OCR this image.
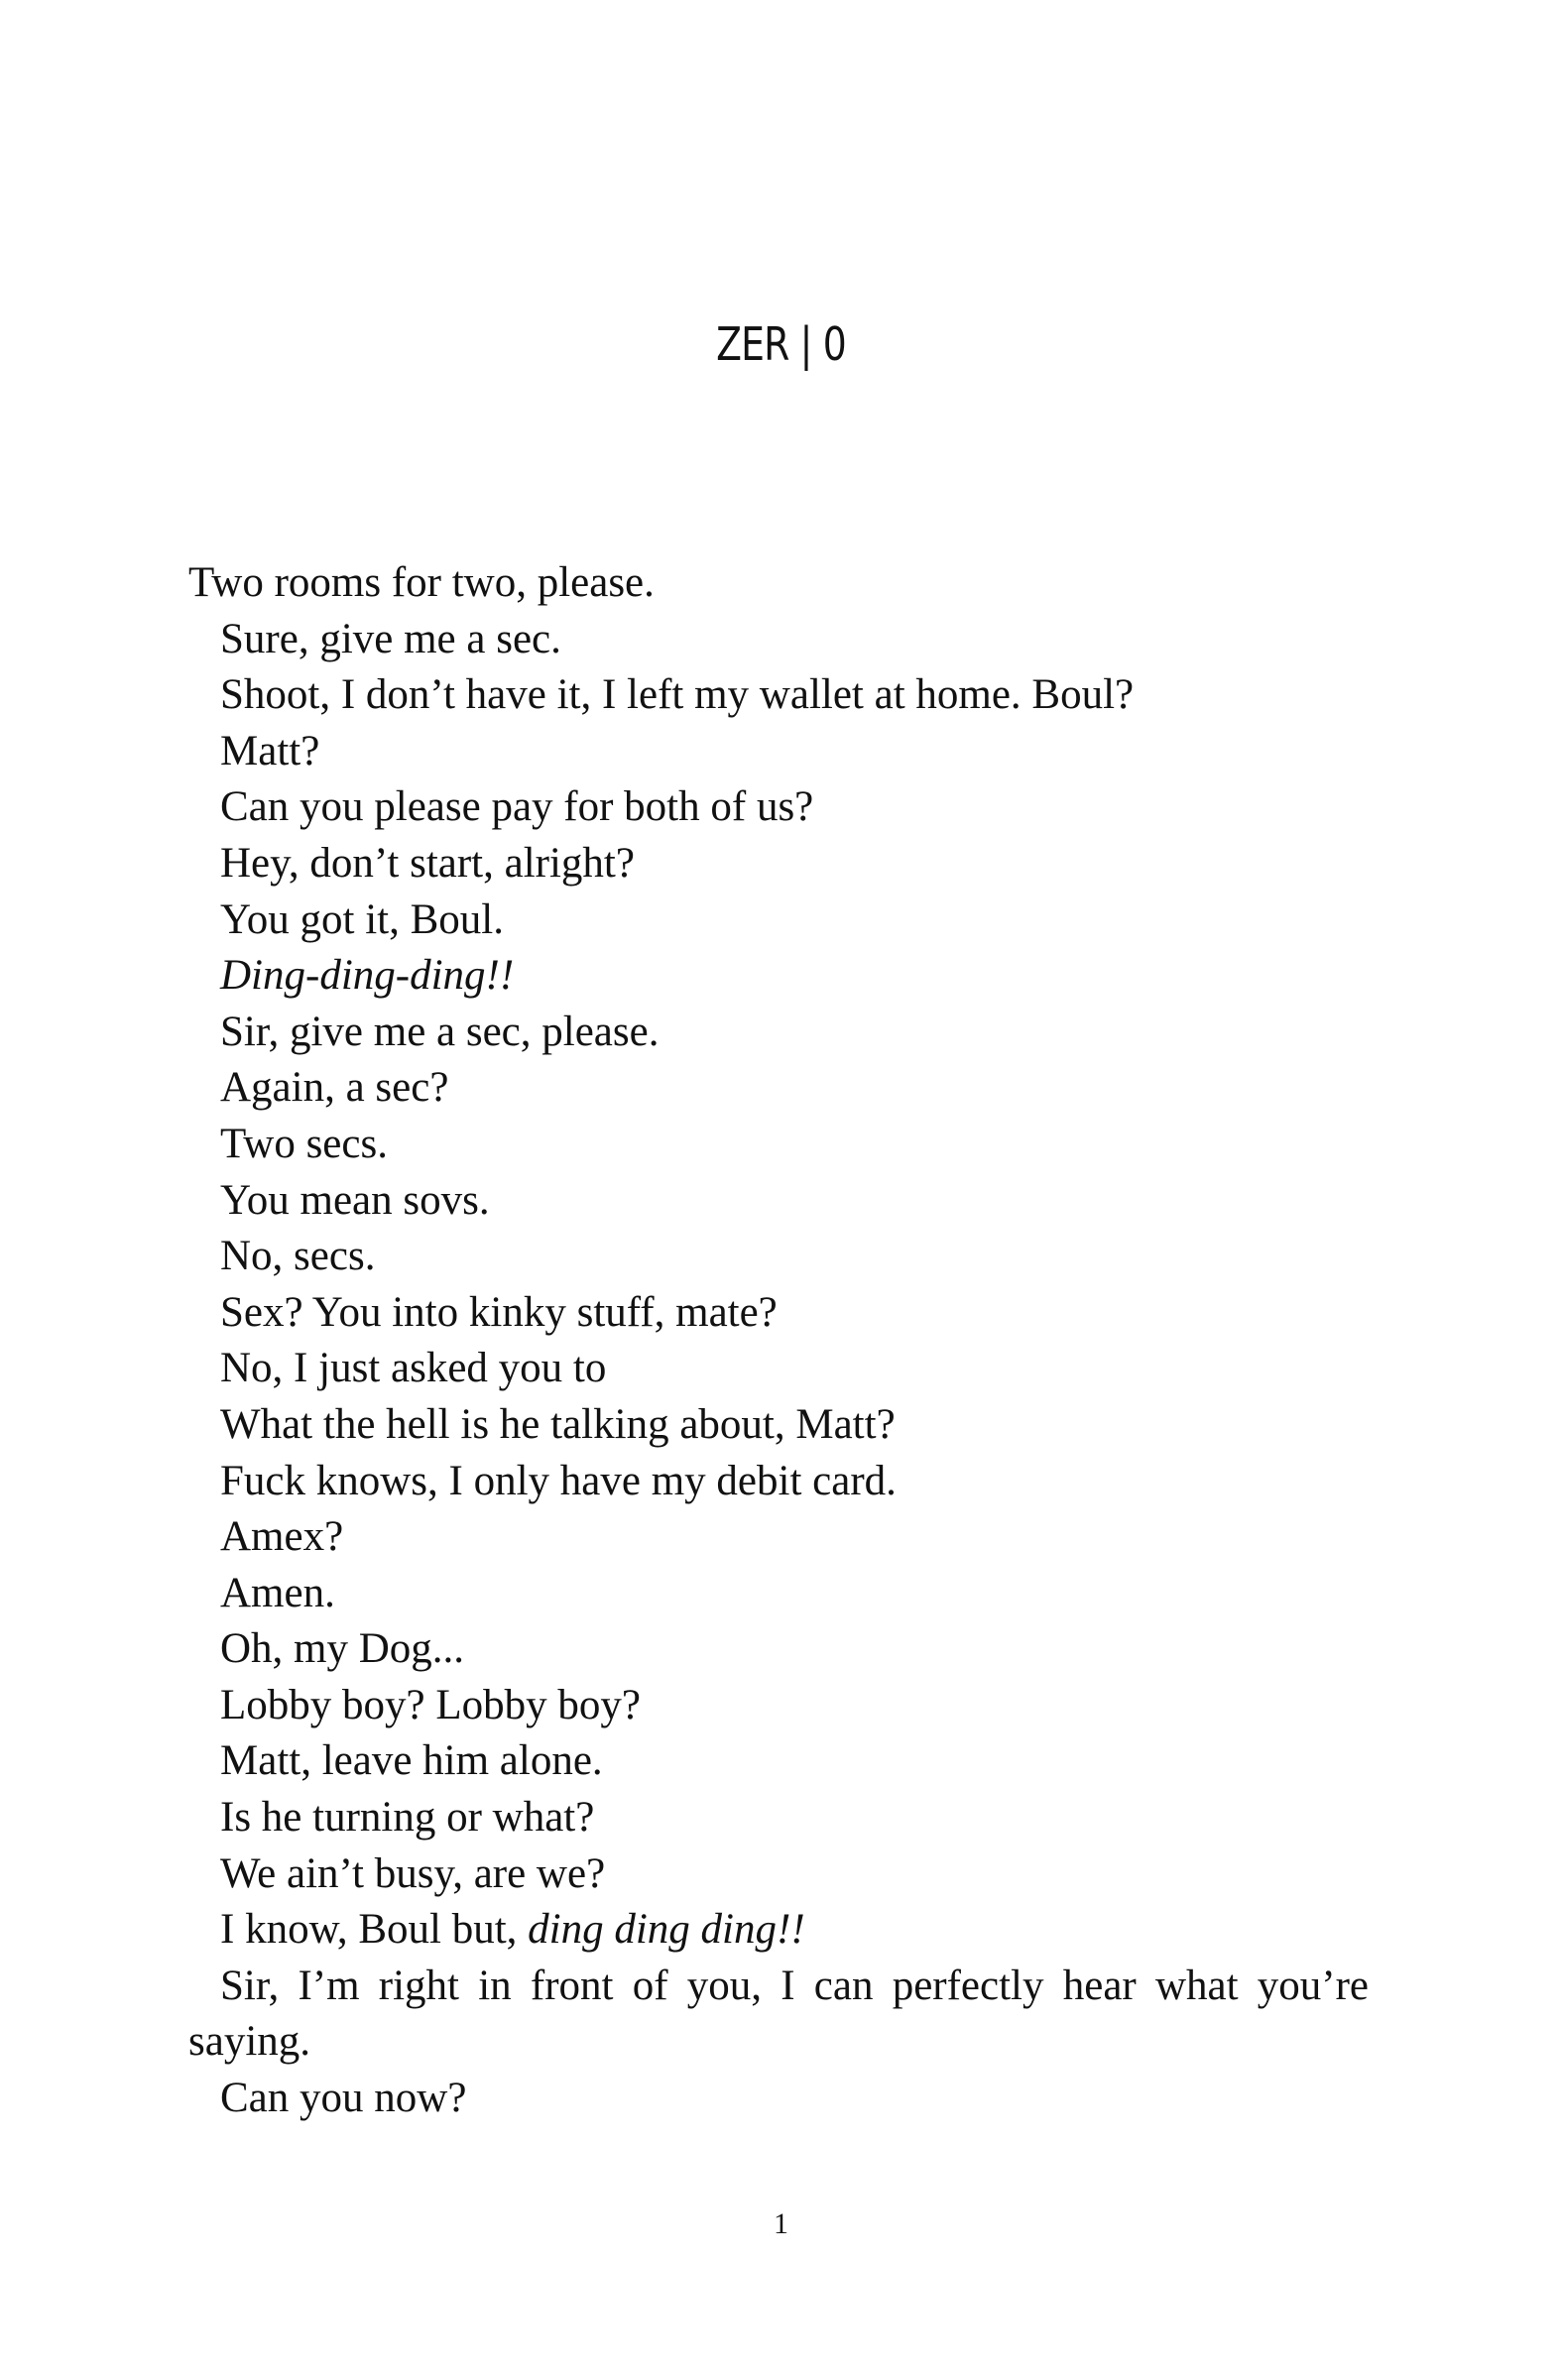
ZER | 0
Two rooms for two, please.
Sure, give me a sec.
Shoot, I don’t have it, I left my wallet at home. Boul?
Matt?
Can you please pay for both of us?
Hey, don’t start, alright?
You got it, Boul.
Ding-ding-ding!!
Sir, give me a sec, please.
Again, a sec?
Two secs.
You mean sovs.
No, secs.
Sex? You into kinky stuff, mate?
No, I just asked you to
What the hell is he talking about, Matt?
Fuck knows, I only have my debit card.
Amex?
Amen.
Oh, my Dog...
Lobby boy? Lobby boy?
Matt, leave him alone.
Is he turning or what?
We ain’t busy, are we?
I know, Boul but, ding ding ding!!
Sir, I’m right in front of you, I can perfectly hear what you’re
saying.
Can you now?
1
